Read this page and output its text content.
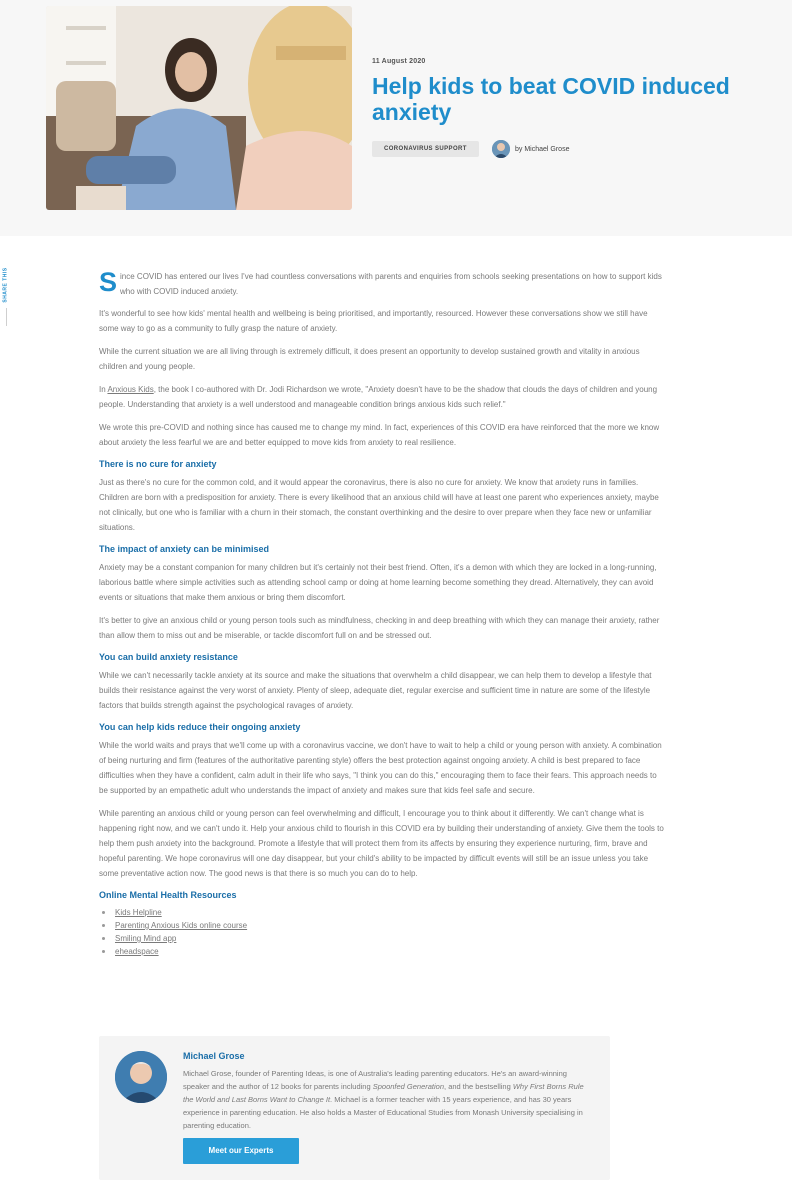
11 August 2020
Help kids to beat COVID induced anxiety
CORONAVIRUS SUPPORT	by Michael Grose
SHARE THIS	Since COVID has entered our lives I've had countless conversations with parents and enquiries from schools seeking presentations on how to support kids who with COVID induced anxiety.

It's wonderful to see how kids' mental health and wellbeing is being prioritised, and importantly, resourced. However these conversations show we still have some way to go as a community to fully grasp the nature of anxiety.

While the current situation we are all living through is extremely difficult, it does present an opportunity to develop sustained growth and vitality in anxious children and young people.

In Anxious Kids, the book I co-authored with Dr. Jodi Richardson we wrote, "Anxiety doesn't have to be the shadow that clouds the days of children and young people. Understanding that anxiety is a well understood and manageable condition brings anxious kids such relief."

We wrote this pre-COVID and nothing since has caused me to change my mind. In fact, experiences of this COVID era have reinforced that the more we know about anxiety the less fearful we are and better equipped to move kids from anxiety to real resilience.

There is no cure for anxiety

Just as there's no cure for the common cold, and it would appear the coronavirus, there is also no cure for anxiety. We know that anxiety runs in families. Children are born with a predisposition for anxiety. There is every likelihood that an anxious child will have at least one parent who experiences anxiety, maybe not clinically, but one who is familiar with a churn in their stomach, the constant overthinking and the desire to over prepare when they face new or unfamiliar situations.

The impact of anxiety can be minimised

Anxiety may be a constant companion for many children but it's certainly not their best friend. Often, it's a demon with which they are locked in a long-running, laborious battle where simple activities such as attending school camp or doing at home learning become something they dread. Alternatively, they can avoid events or situations that make them anxious or bring them discomfort.

It's better to give an anxious child or young person tools such as mindfulness, checking in and deep breathing with which they can manage their anxiety, rather than allow them to miss out and be miserable, or tackle discomfort full on and be stressed out.

You can build anxiety resistance

While we can't necessarily tackle anxiety at its source and make the situations that overwhelm a child disappear, we can help them to develop a lifestyle that builds their resistance against the very worst of anxiety. Plenty of sleep, adequate diet, regular exercise and sufficient time in nature are some of the lifestyle factors that builds strength against the psychological ravages of anxiety.

You can help kids reduce their ongoing anxiety

While the world waits and prays that we'll come up with a coronavirus vaccine, we don't have to wait to help a child or young person with anxiety. A combination of being nurturing and firm (features of the authoritative parenting style) offers the best protection against ongoing anxiety. A child is best prepared to face difficulties when they have a confident, calm adult in their life who says, "I think you can do this," encouraging them to face their fears. This approach needs to be supported by an empathetic adult who understands the impact of anxiety and makes sure that kids feel safe and secure.

While parenting an anxious child or young person can feel overwhelming and difficult, I encourage you to think about it differently. We can't change what is happening right now, and we can't undo it. Help your anxious child to flourish in this COVID era by building their understanding of anxiety. Give them the tools to help them push anxiety into the background. Promote a lifestyle that will protect them from its affects by ensuring they experience nurturing, firm, brave and hopeful parenting. We hope coronavirus will one day disappear, but your child's ability to be impacted by difficult events will still be an issue unless you take some preventative action now. The good news is that there is so much you can do to help.

Online Mental Health Resources
Kids Helpline
Parenting Anxious Kids online course
Smiling Mind app
eheadspace
Michael Grose
Michael Grose, founder of Parenting Ideas, is one of Australia's leading parenting educators. He's an award-winning speaker and the author of 12 books for parents including Spoonfed Generation, and the bestselling Why First Borns Rule the World and Last Borns Want to Change It. Michael is a former teacher with 15 years experience, and has 30 years experience in parenting education. He also holds a Master of Educational Studies from Monash University specialising in parenting education.
Meet our Experts
